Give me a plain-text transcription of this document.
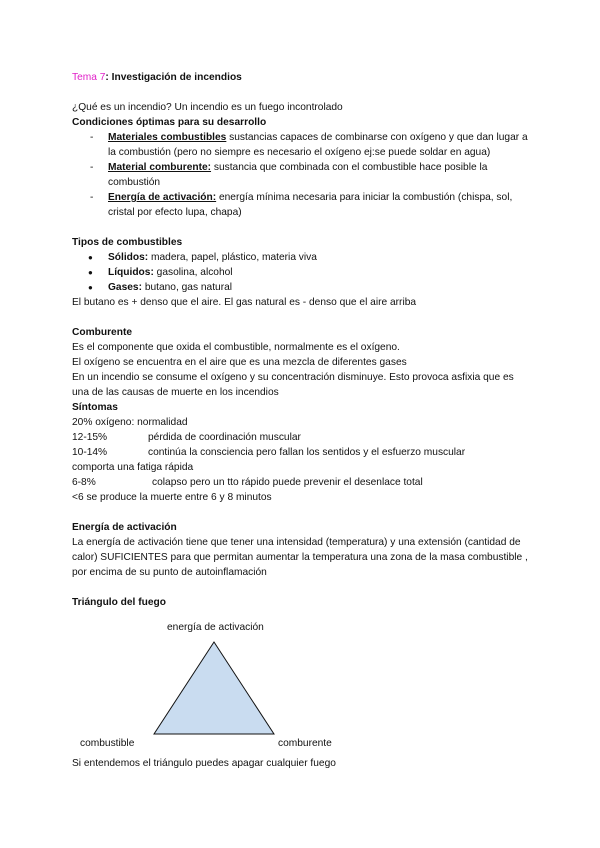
Tema 7: Investigación de incendios

¿Qué es un incendio? Un incendio es un fuego incontrolado

Condiciones óptimas para su desarrollo

- Materiales combustibles sustancias capaces de combinarse con oxígeno y que dan lugar a la combustión (pero no siempre es necesario el oxígeno ej:se puede soldar en agua)
- Material comburente: sustancia que combinada con el combustible hace posible la combustión
- Energía de activación: energía mínima necesaria para iniciar la combustión (chispa, sol, cristal por efecto lupa, chapa)

Tipos de combustibles

● Sólidos: madera, papel, plástico, materia viva
● Líquidos: gasolina, alcohol
● Gases: butano, gas natural

El butano es + denso que el aire. El gas natural es - denso que el aire arriba

Comburente

Es el componente que oxida el combustible, normalmente es el oxígeno.

El oxígeno se encuentra en el aire que es una mezcla de diferentes gases

En un incendio se consume el oxígeno y su concentración disminuye. Esto provoca asfixia que es una de las causas de muerte en los incendios

Síntomas

20% oxígeno: normalidad

12-15%	pérdida de coordinación muscular
10-14%	continúa la consciencia pero fallan los sentidos y el esfuerzo muscular

comporta una fatiga rápida

6-8%	colapso pero un tto rápido puede prevenir el desenlace total

<6 se produce la muerte entre 6 y 8 minutos

Energía de activación

La energía de activación tiene que tener una intensidad (temperatura) y una extensión (cantidad de calor) SUFICIENTES para que permitan aumentar la temperatura una zona de la masa combustible , por encima de su punto de autoinflamación

Triángulo del fuego

energía de activación
combustible	comburente

Si entendemos el triángulo puedes apagar cualquier fuego
